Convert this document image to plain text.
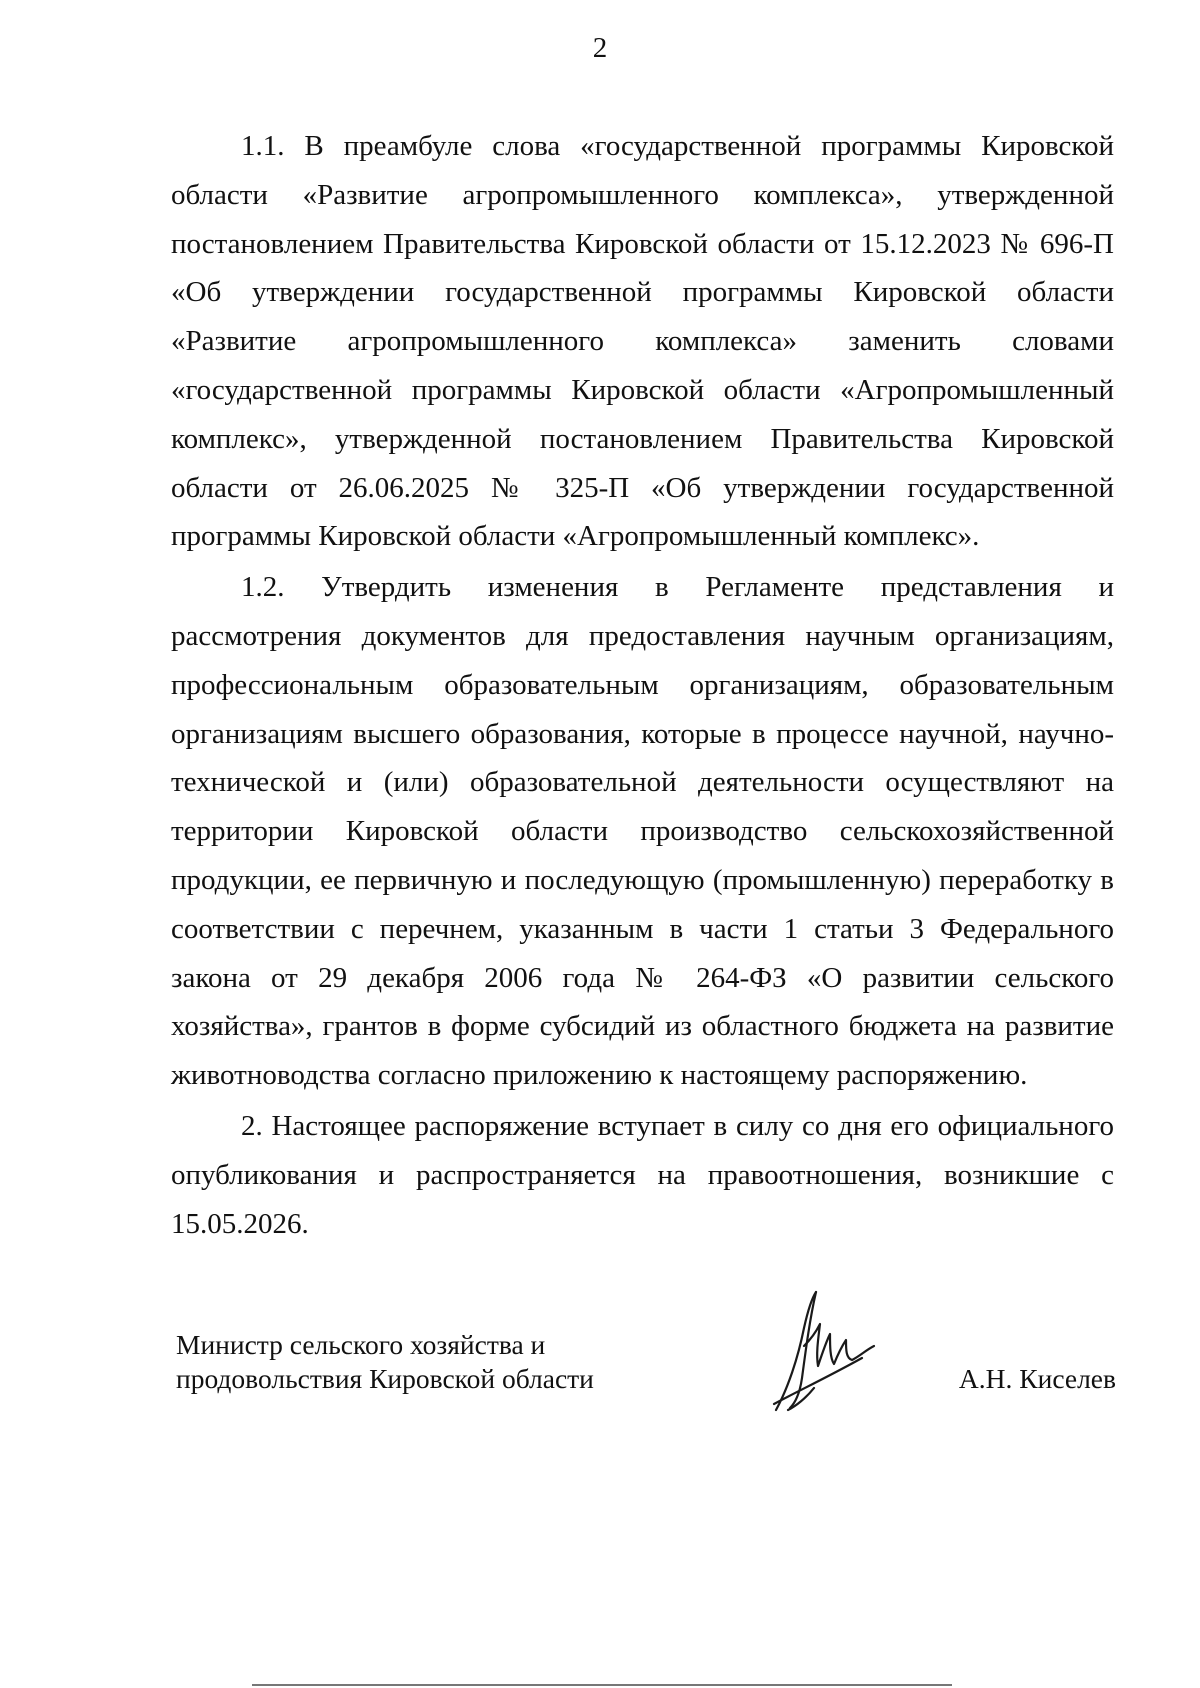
2

1.1. В преамбуле слова «государственной программы Кировской области «Развитие агропромышленного комплекса», утвержденной постановлением Правительства Кировской области от 15.12.2023 № 696-П «Об утверждении государственной программы Кировской области «Развитие агропромышленного комплекса» заменить словами «государственной программы Кировской области «Агропромышленный комплекс», утвержденной постановлением Правительства Кировской области от 26.06.2025 № 325-П «Об утверждении государственной программы Кировской области «Агропромышленный комплекс».

1.2. Утвердить изменения в Регламенте представления и рассмотрения документов для предоставления научным организациям, профессиональным образовательным организациям, образовательным организациям высшего образования, которые в процессе научной, научно-технической и (или) образовательной деятельности осуществляют на территории Кировской области производство сельскохозяйственной продукции, ее первичную и последующую (промышленную) переработку в соответствии с перечнем, указанным в части 1 статьи 3 Федерального закона от 29 декабря 2006 года № 264-ФЗ «О развитии сельского хозяйства», грантов в форме субсидий из областного бюджета на развитие животноводства согласно приложению к настоящему распоряжению.

2. Настоящее распоряжение вступает в силу со дня его официального опубликования и распространяется на правоотношения, возникшие с 15.05.2026.

Министр сельского хозяйства и
продовольствия Кировской области	А.Н. Киселев
